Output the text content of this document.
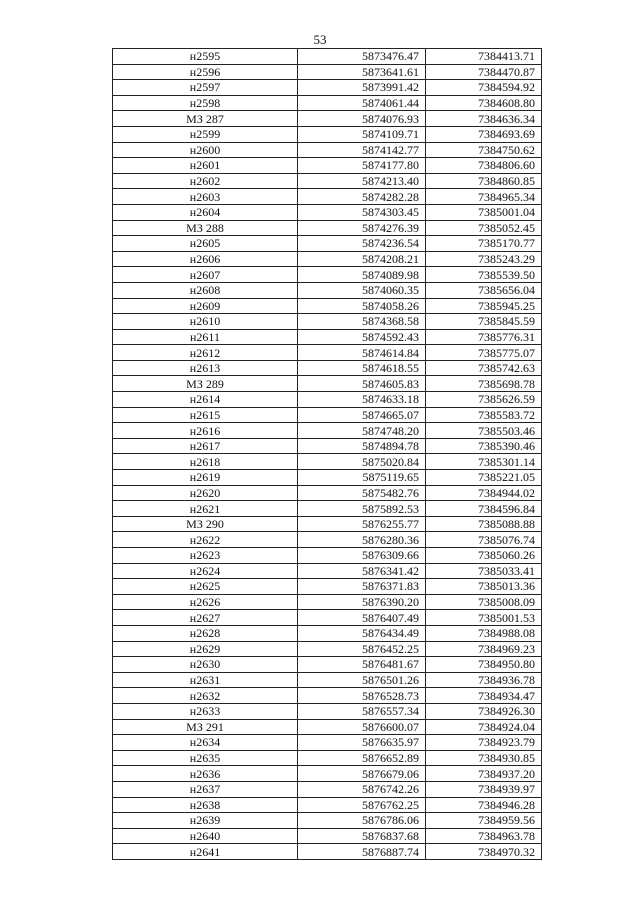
53
н2595	5873476.47	7384413.71
н2596	5873641.61	7384470.87
н2597	5873991.42	7384594.92
н2598	5874061.44	7384608.80
МЗ 287	5874076.93	7384636.34
н2599	5874109.71	7384693.69
н2600	5874142.77	7384750.62
н2601	5874177.80	7384806.60
н2602	5874213.40	7384860.85
н2603	5874282.28	7384965.34
н2604	5874303.45	7385001.04
МЗ 288	5874276.39	7385052.45
н2605	5874236.54	7385170.77
н2606	5874208.21	7385243.29
н2607	5874089.98	7385539.50
н2608	5874060.35	7385656.04
н2609	5874058.26	7385945.25
н2610	5874368.58	7385845.59
н2611	5874592.43	7385776.31
н2612	5874614.84	7385775.07
н2613	5874618.55	7385742.63
МЗ 289	5874605.83	7385698.78
н2614	5874633.18	7385626.59
н2615	5874665.07	7385583.72
н2616	5874748.20	7385503.46
н2617	5874894.78	7385390.46
н2618	5875020.84	7385301.14
н2619	5875119.65	7385221.05
н2620	5875482.76	7384944.02
н2621	5875892.53	7384596.84
МЗ 290	5876255.77	7385088.88
н2622	5876280.36	7385076.74
н2623	5876309.66	7385060.26
н2624	5876341.42	7385033.41
н2625	5876371.83	7385013.36
н2626	5876390.20	7385008.09
н2627	5876407.49	7385001.53
н2628	5876434.49	7384988.08
н2629	5876452.25	7384969.23
н2630	5876481.67	7384950.80
н2631	5876501.26	7384936.78
н2632	5876528.73	7384934.47
н2633	5876557.34	7384926.30
МЗ 291	5876600.07	7384924.04
н2634	5876635.97	7384923.79
н2635	5876652.89	7384930.85
н2636	5876679.06	7384937.20
н2637	5876742.26	7384939.97
н2638	5876762.25	7384946.28
н2639	5876786.06	7384959.56
н2640	5876837.68	7384963.78
н2641	5876887.74	7384970.32
